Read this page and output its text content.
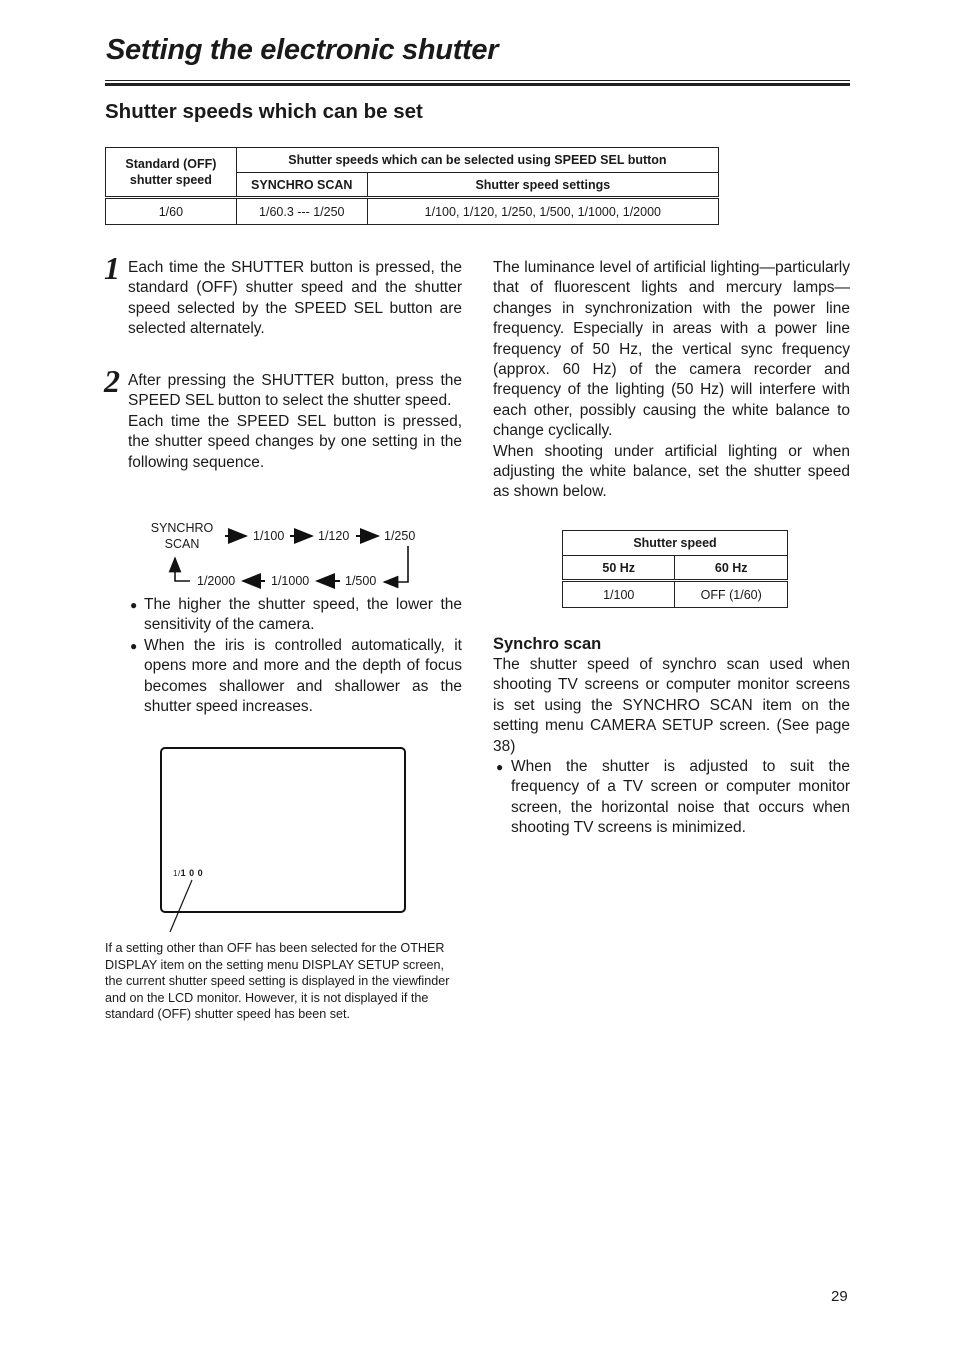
Setting the electronic shutter
Shutter speeds which can be set
Standard (OFF) shutter speed	Shutter speeds which can be selected using SPEED SEL button	
	SYNCHRO SCAN	Shutter speed settings
1/60	1/60.3 --- 1/250	1/100, 1/120, 1/250, 1/500, 1/1000, 1/2000
1 Each time the SHUTTER button is pressed, the standard (OFF) shutter speed and the shutter speed selected by the SPEED SEL button are selected alternately.

2 After pressing the SHUTTER button, press the SPEED SEL button to select the shutter speed.

Each time the SPEED SEL button is pressed, the shutter speed changes by one setting in the following sequence.

SYNCHRO
SCAN
1/100	1/120	1/250
1/500
1/1000
1/2000
● The higher the shutter speed, the lower the sensitivity of the camera.

● When the iris is controlled automatically, it opens more and more and the depth of focus becomes shallower and shallower as the shutter speed increases.

1/1 0 0

If a setting other than OFF has been selected for the OTHER DISPLAY item on the setting menu DISPLAY SETUP screen, the current shutter speed setting is displayed in the viewfinder and on the LCD monitor. However, it is not displayed if the standard (OFF) shutter speed has been set.

The luminance level of artificial lighting—particularly that of fluorescent lights and mercury lamps—changes in synchronization with the power line frequency. Especially in areas with a power line frequency of 50 Hz, the vertical sync frequency (approx. 60 Hz) of the camera recorder and frequency of the lighting (50 Hz) will interfere with each other, possibly causing the white balance to change cyclically.

When shooting under artificial lighting or when adjusting the white balance, set the shutter speed as shown below.

Shutter speed	
50 Hz	60 Hz
1/100	OFF (1/60)
Synchro scan

The shutter speed of synchro scan used when shooting TV screens or computer monitor screens is set using the SYNCHRO SCAN item on the setting menu CAMERA SETUP screen. (See page 38)

● When the shutter is adjusted to suit the frequency of a TV screen or computer monitor screen, the horizontal noise that occurs when shooting TV screens is minimized.

29
